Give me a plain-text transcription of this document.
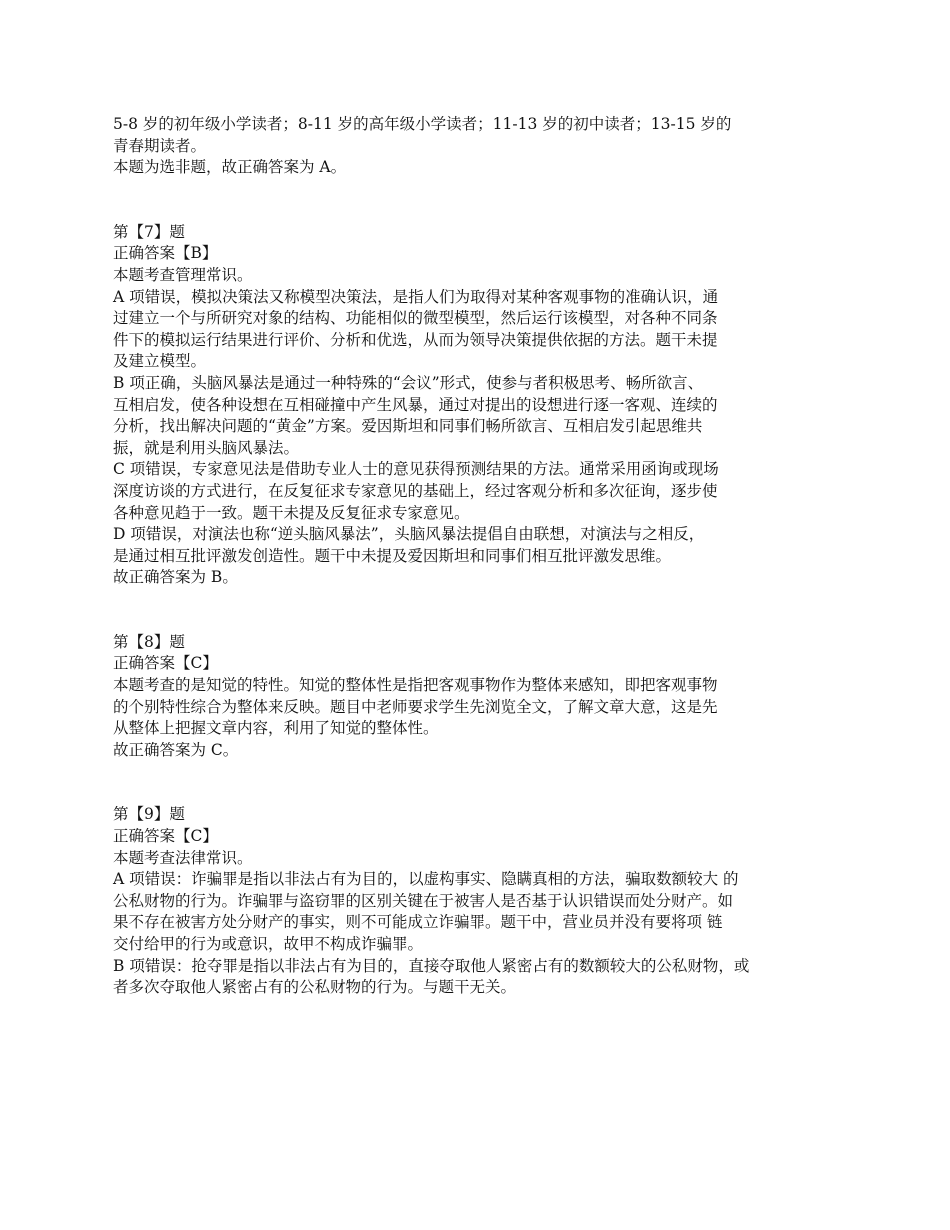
5-8 岁的初年级小学读者；8-11 岁的高年级小学读者；11-13 岁的初中读者；13-15 岁的
青春期读者。
本题为选非题，故正确答案为 A。
第【7】题
正确答案【B】
本题考查管理常识。
A 项错误，模拟决策法又称模型决策法，是指人们为取得对某种客观事物的准确认识，通
过建立一个与所研究对象的结构、功能相似的微型模型，然后运行该模型，对各种不同条
件下的模拟运行结果进行评价、分析和优选，从而为领导决策提供依据的方法。题干未提
及建立模型。
B 项正确，头脑风暴法是通过一种特殊的“会议”形式，使参与者积极思考、畅所欲言、
互相启发，使各种设想在互相碰撞中产生风暴，通过对提出的设想进行逐一客观、连续的
分析，找出解决问题的“黄金”方案。爱因斯坦和同事们畅所欲言、互相启发引起思维共
振，就是利用头脑风暴法。
C 项错误，专家意见法是借助专业人士的意见获得预测结果的方法。通常采用函询或现场
深度访谈的方式进行，在反复征求专家意见的基础上，经过客观分析和多次征询，逐步使
各种意见趋于一致。题干未提及反复征求专家意见。
D 项错误，对演法也称“逆头脑风暴法”，头脑风暴法提倡自由联想，对演法与之相反，
是通过相互批评激发创造性。题干中未提及爱因斯坦和同事们相互批评激发思维。
故正确答案为 B。
第【8】题
正确答案【C】
本题考查的是知觉的特性。知觉的整体性是指把客观事物作为整体来感知，即把客观事物
的个别特性综合为整体来反映。题目中老师要求学生先浏览全文，了解文章大意，这是先
从整体上把握文章内容，利用了知觉的整体性。
故正确答案为 C。
第【9】题
正确答案【C】
本题考查法律常识。
A 项错误：诈骗罪是指以非法占有为目的，以虚构事实、隐瞒真相的方法，骗取数额较大 的
公私财物的行为。诈骗罪与盗窃罪的区别关键在于被害人是否基于认识错误而处分财产。如
果不存在被害方处分财产的事实，则不可能成立诈骗罪。题干中，营业员并没有要将项 链
交付给甲的行为或意识，故甲不构成诈骗罪。
B 项错误：抢夺罪是指以非法占有为目的，直接夺取他人紧密占有的数额较大的公私财物，或
者多次夺取他人紧密占有的公私财物的行为。与题干无关。
